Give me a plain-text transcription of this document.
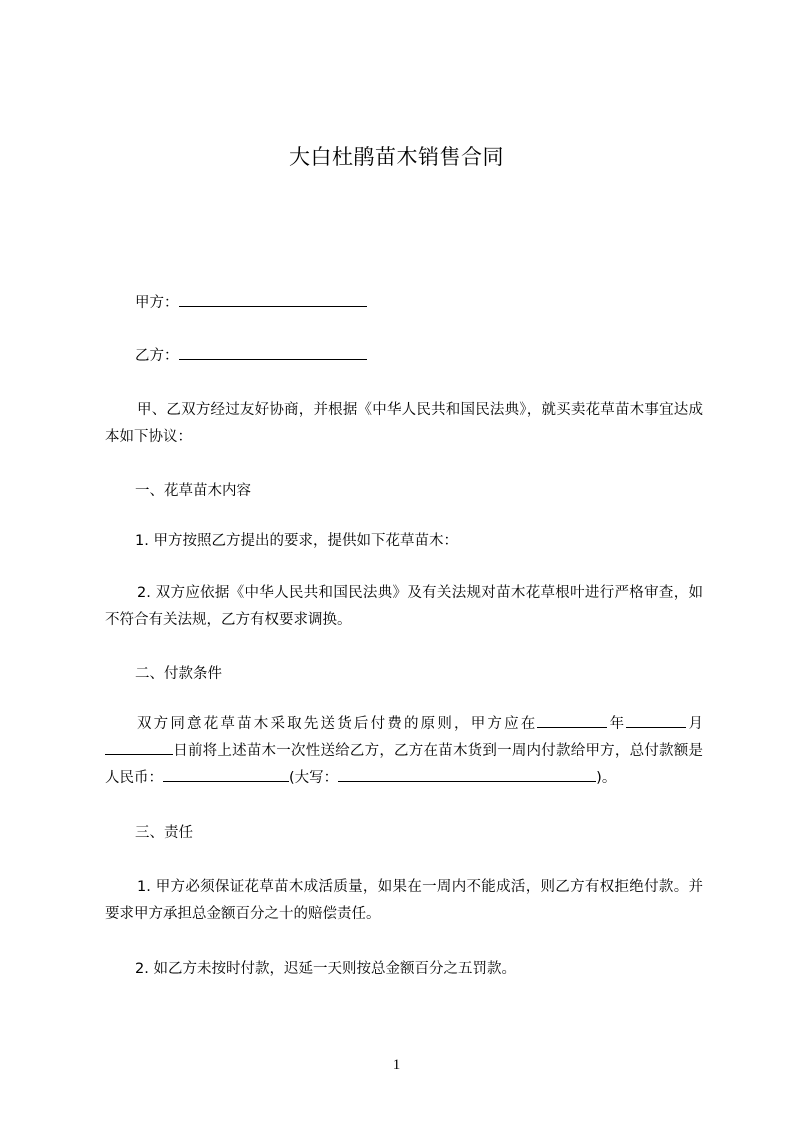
大白杜鹃苗木销售合同
甲方：
乙方：
甲、乙双方经过友好协商，并根据《中华人民共和国民法典》，就买卖花草苗木事宜达成本如下协议：
一、花草苗木内容
1. 甲方按照乙方提出的要求，提供如下花草苗木：
2. 双方应依据《中华人民共和国民法典》及有关法规对苗木花草根叶进行严格审查，如不符合有关法规，乙方有权要求调换。
二、付款条件
双方同意花草苗木采取先送货后付费的原则，甲方应在	年	月日前将上述苗木一次性送给乙方，乙方在苗木货到一周内付款给甲方，总付款额是人民币：	(大写：	)。
三、责任
1. 甲方必须保证花草苗木成活质量，如果在一周内不能成活，则乙方有权拒绝付款。并要求甲方承担总金额百分之十的赔偿责任。
2. 如乙方未按时付款，迟延一天则按总金额百分之五罚款。
1
